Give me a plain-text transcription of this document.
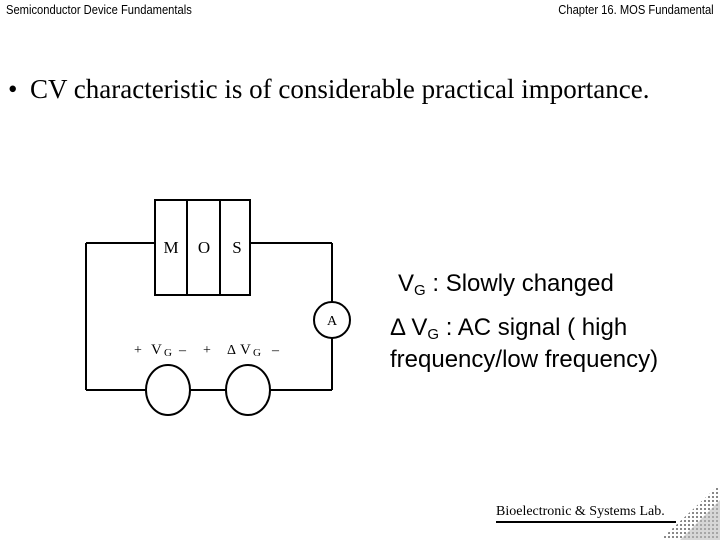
Semiconductor Device Fundamentals	Chapter 16. MOS Fundamental
• CV characteristic is of considerable practical importance.
M O S
A
+ V G – + Δ V G –
$V_G$ : Slowly changed
Δ $V_G$ : AC signal ( high
frequency/low frequency)
Bioelectronic & Systems Lab.
